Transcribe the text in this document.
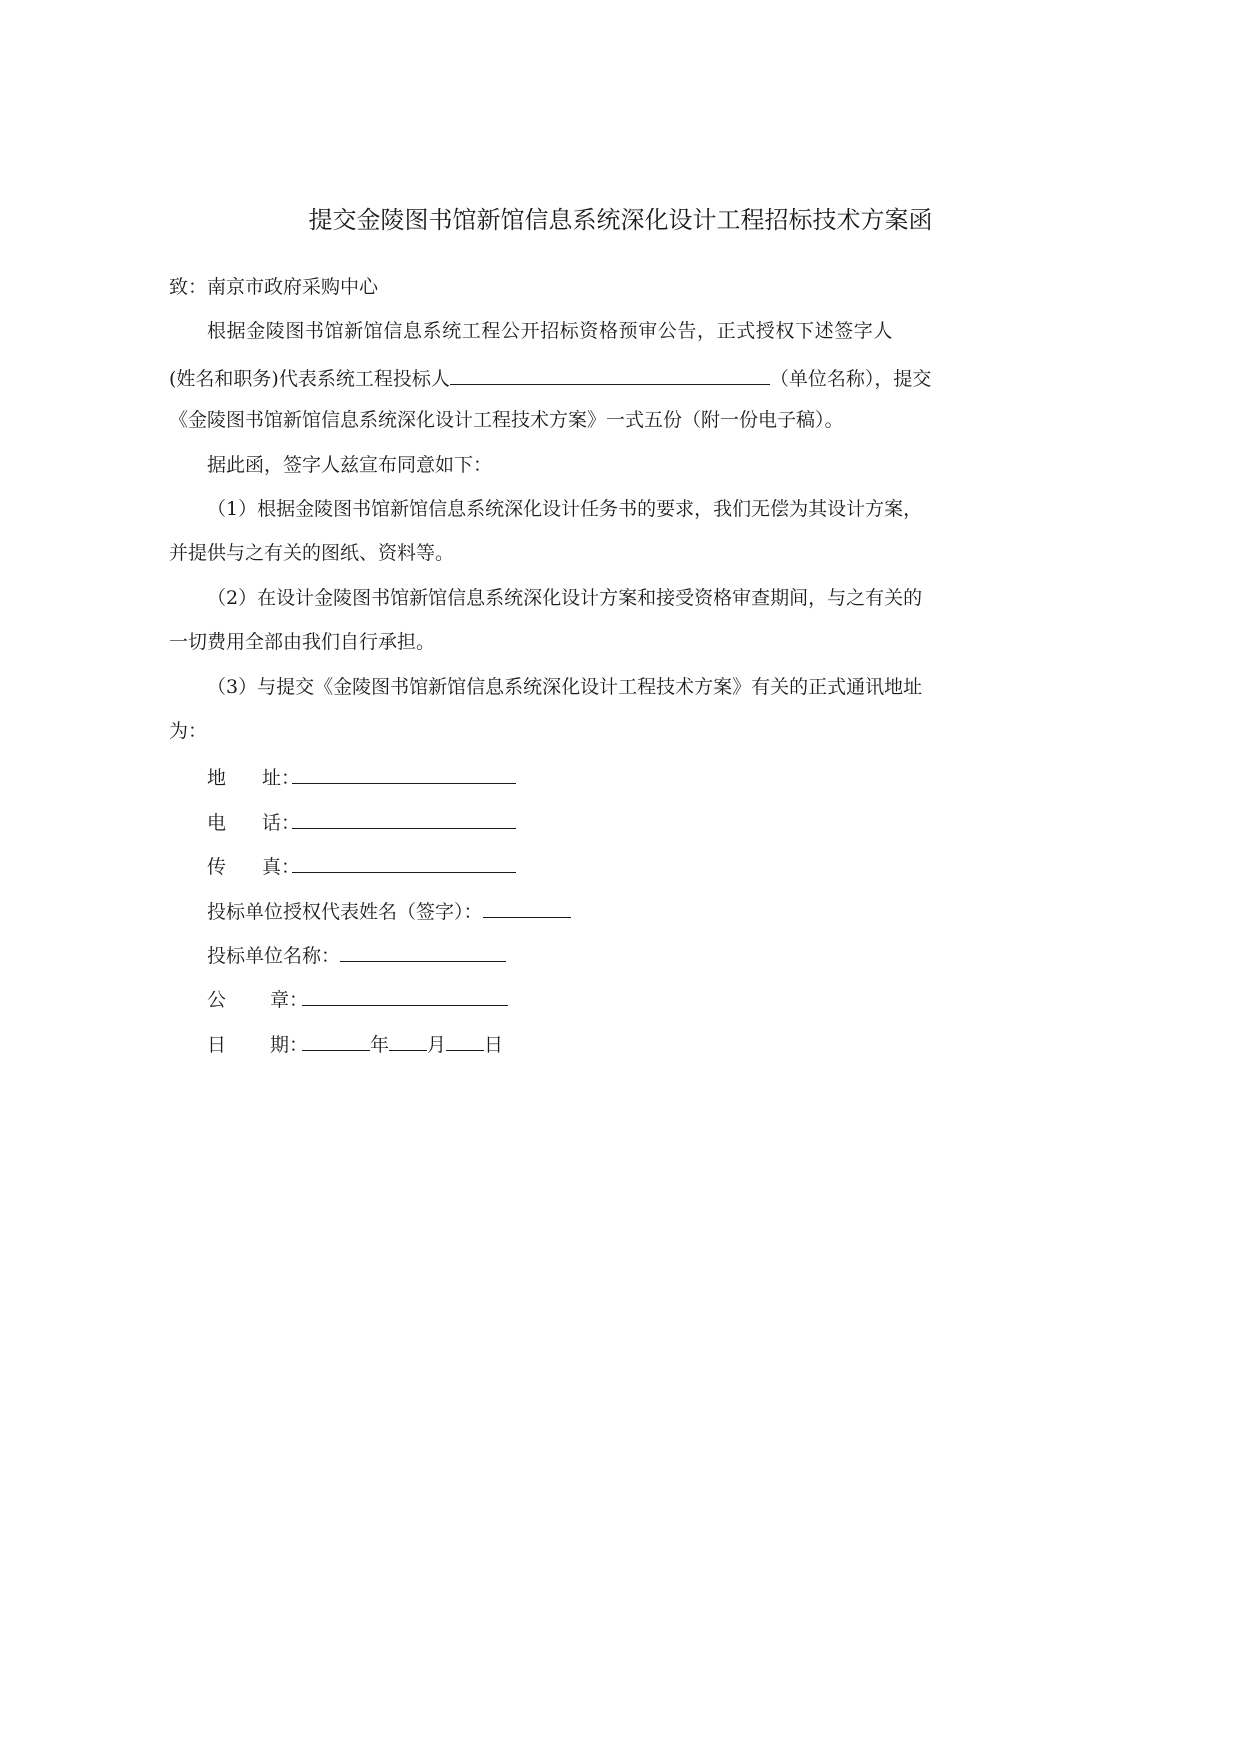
提交金陵图书馆新馆信息系统深化设计工程招标技术方案函
致：南京市政府采购中心
根据金陵图书馆新馆信息系统工程公开招标资格预审公告，正式授权下述签字人
(姓名和职务)代表系统工程投标人	（单位名称），提交
《金陵图书馆新馆信息系统深化设计工程技术方案》一式五份（附一份电子稿）。
据此函，签字人兹宣布同意如下：
（1）根据金陵图书馆新馆信息系统深化设计任务书的要求，我们无偿为其设计方案，
并提供与之有关的图纸、资料等。
（2）在设计金陵图书馆新馆信息系统深化设计方案和接受资格审查期间，与之有关的
一切费用全部由我们自行承担。
（3）与提交《金陵图书馆新馆信息系统深化设计工程技术方案》有关的正式通讯地址
为：
地 址：
电 话：
传 真：
投标单位授权代表姓名（签字）：
投标单位名称：
公 章：
日 期：	年 月 日
